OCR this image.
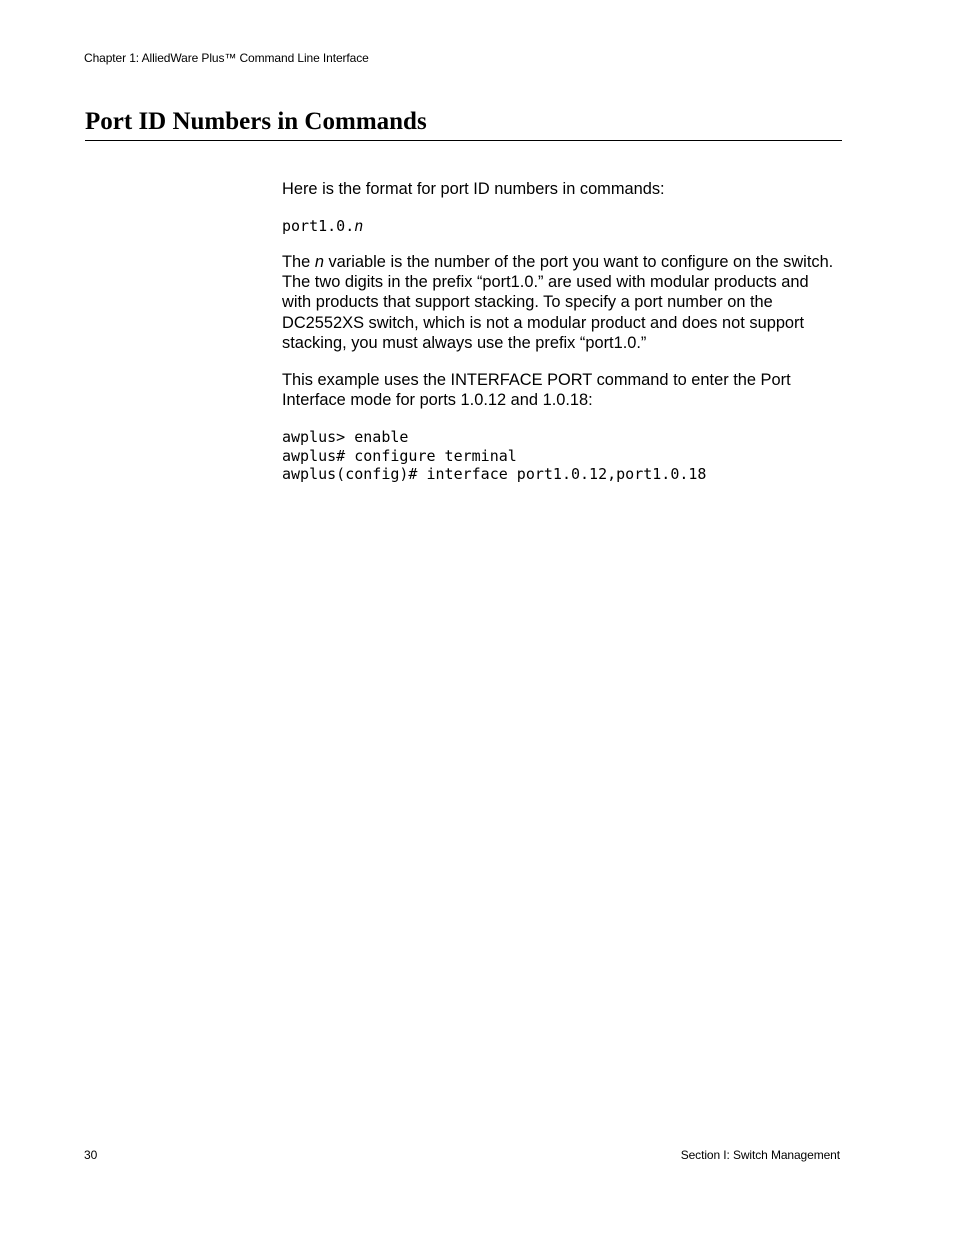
Chapter 1: AlliedWare Plus™ Command Line Interface
Port ID Numbers in Commands

Here is the format for port ID numbers in commands:

port1.0.n

The n variable is the number of the port you want to configure on the switch. The two digits in the prefix “port1.0.” are used with modular products and with products that support stacking. To specify a port number on the DC2552XS switch, which is not a modular product and does not support stacking, you must always use the prefix “port1.0.”

This example uses the INTERFACE PORT command to enter the Port Interface mode for ports 1.0.12 and 1.0.18:

awplus> enable
awplus# configure terminal
awplus(config)# interface port1.0.12,port1.0.18
30	Section I: Switch Management
